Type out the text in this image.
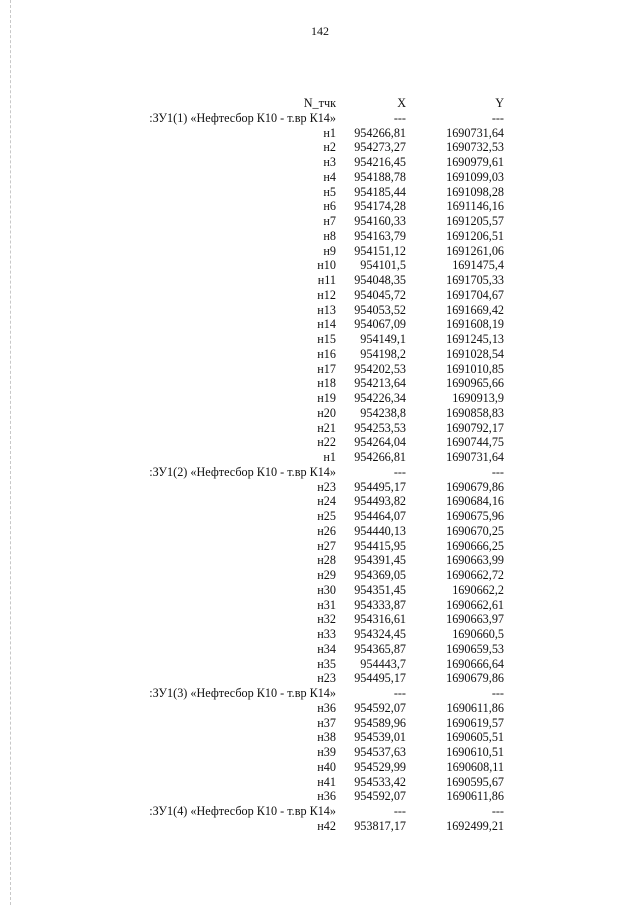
142
N_тчк	X	Y
:ЗУ1(1) «Нефтесбор К10 - т.вр К14»	---	---
н1	954266,81	1690731,64
н2	954273,27	1690732,53
н3	954216,45	1690979,61
н4	954188,78	1691099,03
н5	954185,44	1691098,28
н6	954174,28	1691146,16
н7	954160,33	1691205,57
н8	954163,79	1691206,51
н9	954151,12	1691261,06
н10	954101,5	1691475,4
н11	954048,35	1691705,33
н12	954045,72	1691704,67
н13	954053,52	1691669,42
н14	954067,09	1691608,19
н15	954149,1	1691245,13
н16	954198,2	1691028,54
н17	954202,53	1691010,85
н18	954213,64	1690965,66
н19	954226,34	1690913,9
н20	954238,8	1690858,83
н21	954253,53	1690792,17
н22	954264,04	1690744,75
н1	954266,81	1690731,64
:ЗУ1(2) «Нефтесбор К10 - т.вр К14»	---	---
н23	954495,17	1690679,86
н24	954493,82	1690684,16
н25	954464,07	1690675,96
н26	954440,13	1690670,25
н27	954415,95	1690666,25
н28	954391,45	1690663,99
н29	954369,05	1690662,72
н30	954351,45	1690662,2
н31	954333,87	1690662,61
н32	954316,61	1690663,97
н33	954324,45	1690660,5
н34	954365,87	1690659,53
н35	954443,7	1690666,64
н23	954495,17	1690679,86
:ЗУ1(3) «Нефтесбор К10 - т.вр К14»	---	---
н36	954592,07	1690611,86
н37	954589,96	1690619,57
н38	954539,01	1690605,51
н39	954537,63	1690610,51
н40	954529,99	1690608,11
н41	954533,42	1690595,67
н36	954592,07	1690611,86
:ЗУ1(4) «Нефтесбор К10 - т.вр К14»	---	---
н42	953817,17	1692499,21
